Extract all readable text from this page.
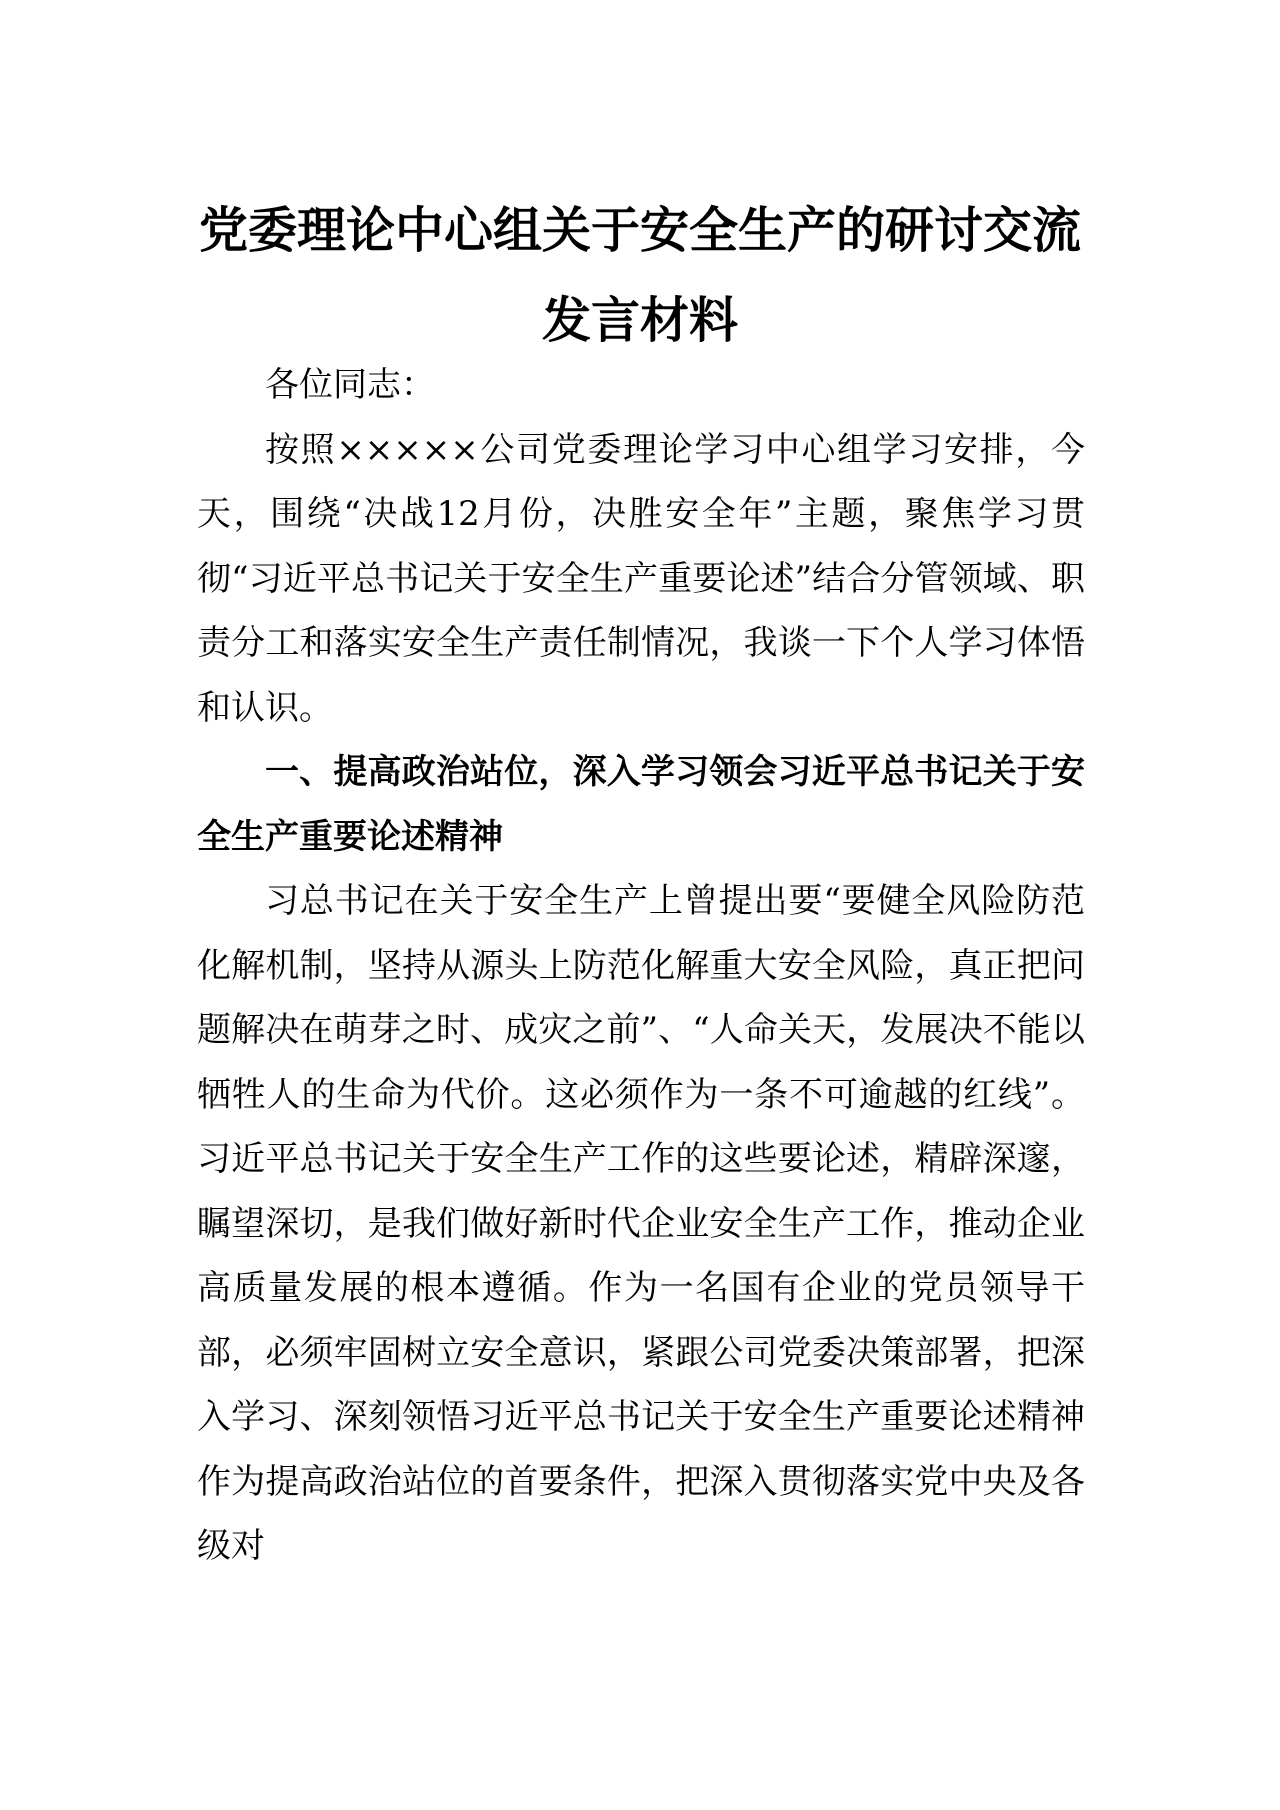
党委理论中心组关于安全生产的研讨交流
发言材料

各位同志：

按照×××××公司党委理论学习中心组学习安排，今天，围绕“决战12月份，决胜安全年”主题，聚焦学习贯彻“习近平总书记关于安全生产重要论述”结合分管领域、职责分工和落实安全生产责任制情况，我谈一下个人学习体悟和认识。

一、提高政治站位，深入学习领会习近平总书记关于安全生产重要论述精神

习总书记在关于安全生产上曾提出要“要健全风险防范化解机制，坚持从源头上防范化解重大安全风险，真正把问题解决在萌芽之时、成灾之前”、“人命关天，发展决不能以牺牲人的生命为代价。这必须作为一条不可逾越的红线”。习近平总书记关于安全生产工作的这些要论述，精辟深邃，瞩望深切，是我们做好新时代企业安全生产工作，推动企业高质量发展的根本遵循。作为一名国有企业的党员领导干部，必须牢固树立安全意识，紧跟公司党委决策部署，把深入学习、深刻领悟习近平总书记关于安全生产重要论述精神作为提高政治站位的首要条件，把深入贯彻落实党中央及各级对
